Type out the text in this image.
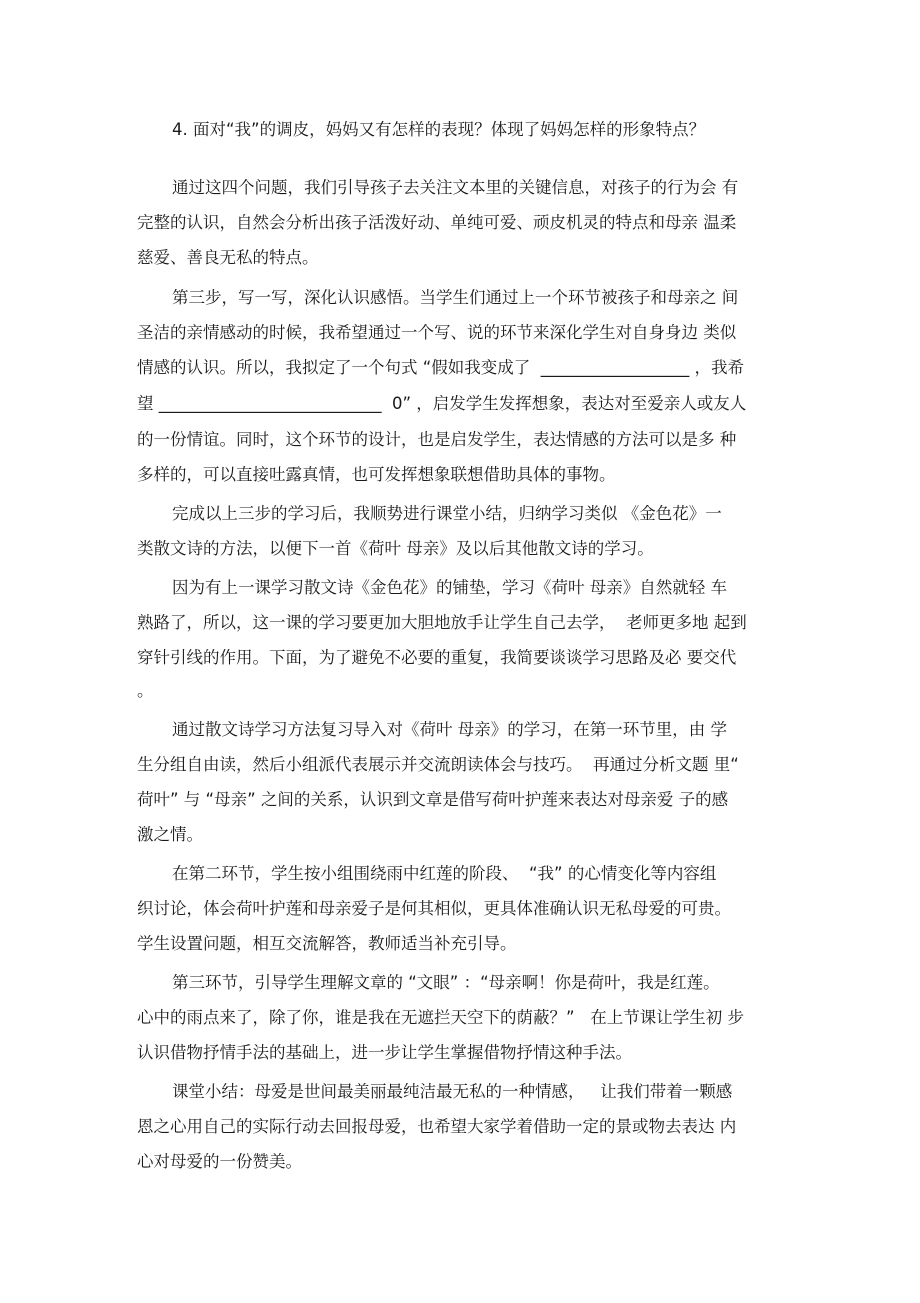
4. 面对“我”的调皮，妈妈又有怎样的表现？体现了妈妈怎样的形象特点？
通过这四个问题，我们引导孩子去关注文本里的关键信息，对孩子的行为会 有
完整的认识，自然会分析出孩子活泼好动、单纯可爱、顽皮机灵的特点和母亲 温柔
慈爱、善良无私的特点。
第三步，写一写，深化认识感悟。当学生们通过上一个环节被孩子和母亲之 间
圣洁的亲情感动的时候，我希望通过一个写、说的环节来深化学生对自身身边 类似
情感的认识。所以，我拟定了一个句式 “假如我变成了  __________________ ，我希
望 ___________________________  0” ，启发学生发挥想象，表达对至爱亲人或友人
的一份情谊。同时，这个环节的设计，也是启发学生，表达情感的方法可以是多 种
多样的，可以直接吐露真情，也可发挥想象联想借助具体的事物。
完成以上三步的学习后，我顺势进行课堂小结，归纳学习类似 《金色花》一
类散文诗的方法，以便下一首《荷叶 母亲》及以后其他散文诗的学习。
因为有上一课学习散文诗《金色花》的铺垫，学习《荷叶 母亲》自然就轻 车
熟路了，所以，这一课的学习要更加大胆地放手让学生自己去学，  老师更多地 起到
穿针引线的作用。下面，为了避免不必要的重复，我简要谈谈学习思路及必 要交代
。
通过散文诗学习方法复习导入对《荷叶 母亲》的学习，在第一环节里，由 学
生分组自由读，然后小组派代表展示并交流朗读体会与技巧。  再通过分析文题 里“
荷叶” 与 “母亲” 之间的关系，认识到文章是借写荷叶护莲来表达对母亲爱 子的感
激之情。
在第二环节，学生按小组围绕雨中红莲的阶段、  “我” 的心情变化等内容组
织讨论，体会荷叶护莲和母亲爱子是何其相似，更具体准确认识无私母爱的可贵。
学生设置问题，相互交流解答，教师适当补充引导。
第三环节，引导学生理解文章的 “文眼” ：“母亲啊！你是荷叶，我是红莲。
心中的雨点来了，除了你，谁是我在无遮拦天空下的荫蔽？”   在上节课让学生初 步
认识借物抒情手法的基础上，进一步让学生掌握借物抒情这种手法。
课堂小结：母爱是世间最美丽最纯洁最无私的一种情感，   让我们带着一颗感
恩之心用自己的实际行动去回报母爱，也希望大家学着借助一定的景或物去表达 内
心对母爱的一份赞美。
